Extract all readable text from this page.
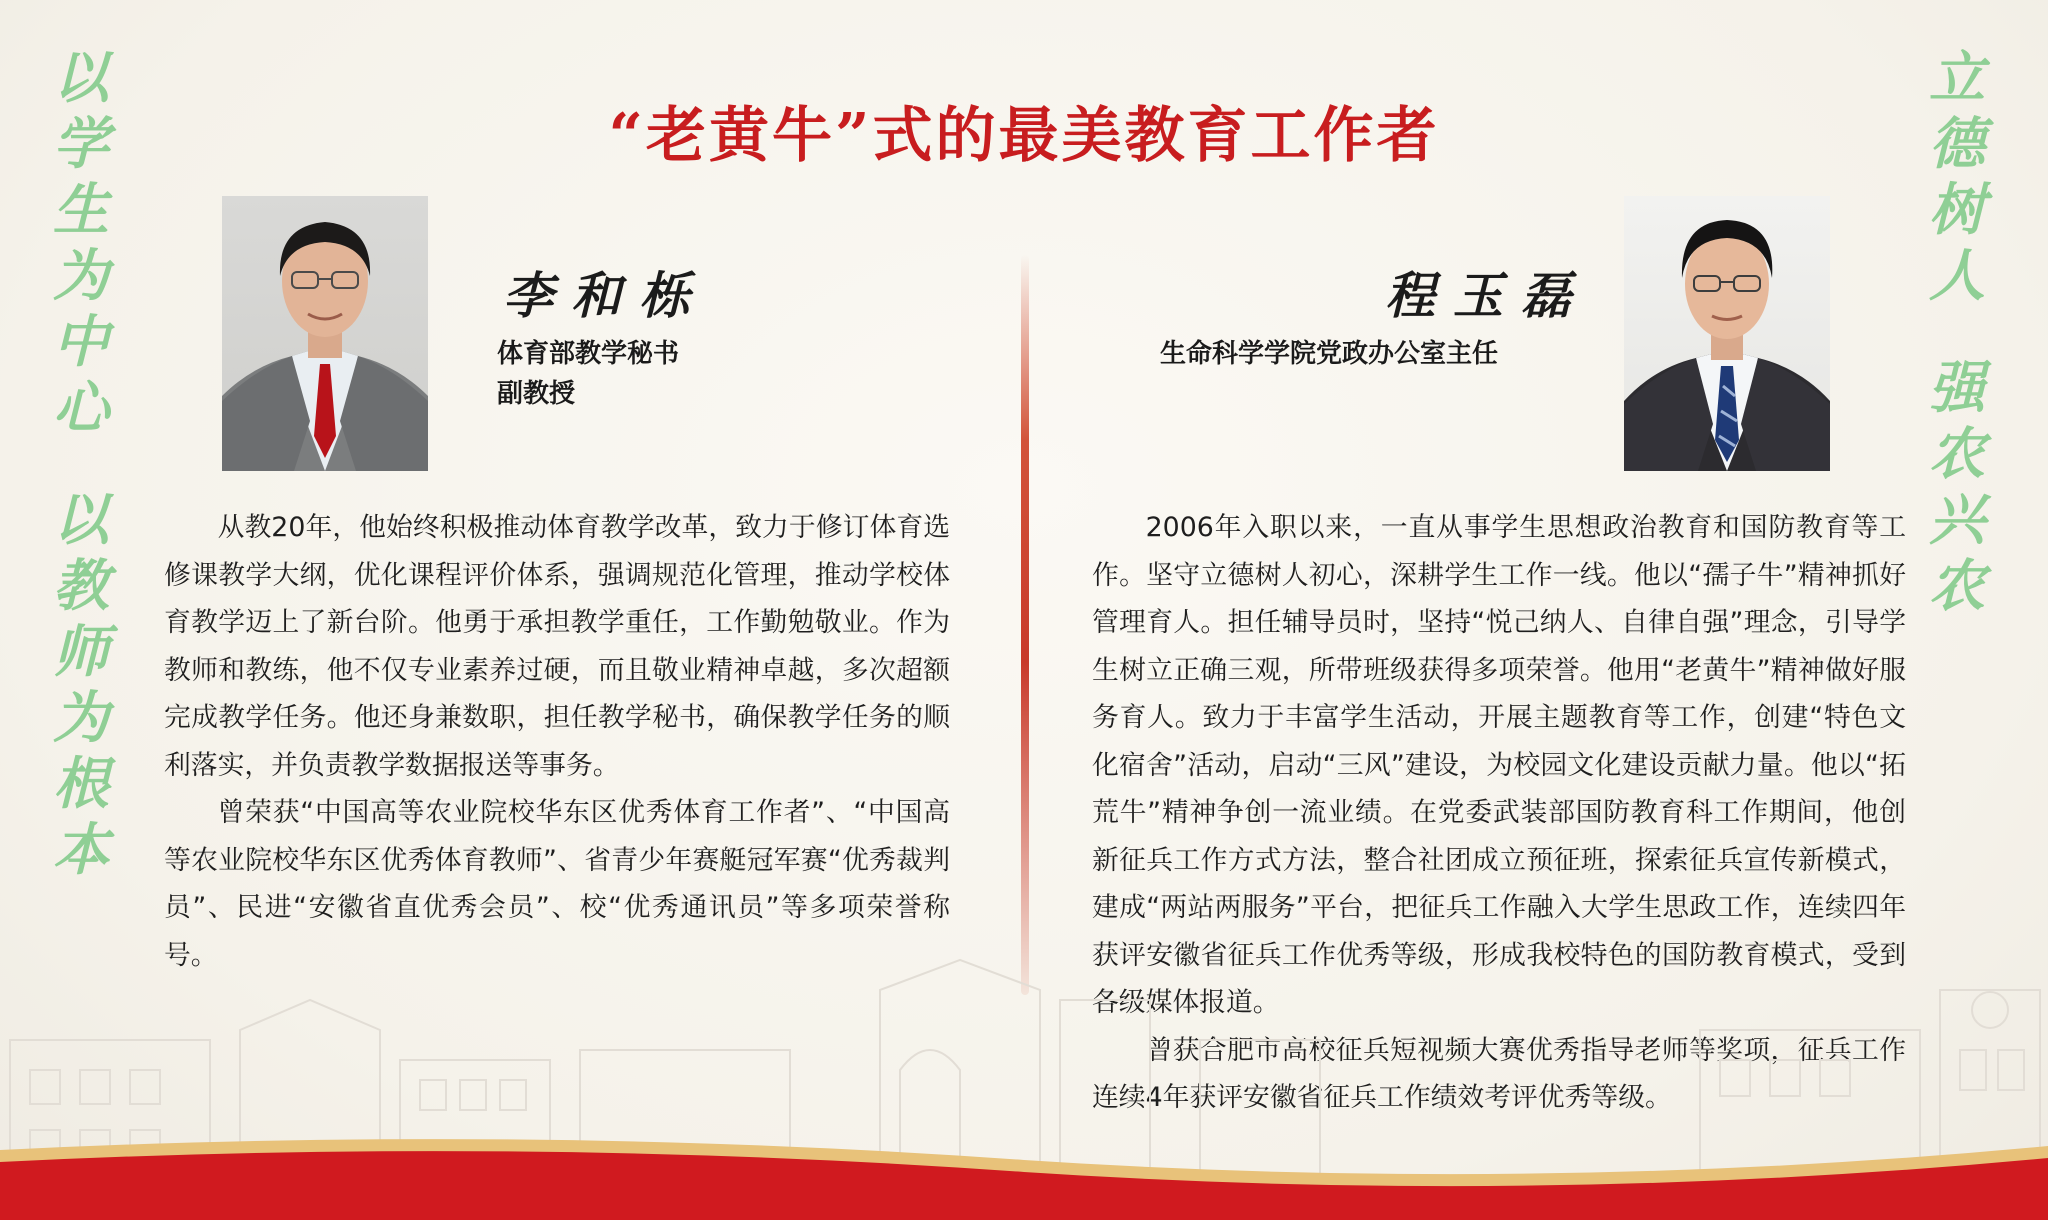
以
学
生
为
中
心
以
教
师
为
根
本
立
德
树
人
强
农
兴
农
“老黄牛”式的最美教育工作者
李和栎
体育部教学秘书
副教授

从教20年，他始终积极推动体育教学改革，致力于修订体育选修课教学大纲，优化课程评价体系，强调规范化管理，推动学校体育教学迈上了新台阶。他勇于承担教学重任，工作勤勉敬业。作为教师和教练，他不仅专业素养过硬，而且敬业精神卓越，多次超额完成教学任务。他还身兼数职，担任教学秘书，确保教学任务的顺利落实，并负责教学数据报送等事务。

曾荣获“中国高等农业院校华东区优秀体育工作者”、“中国高等农业院校华东区优秀体育教师”、省青少年赛艇冠军赛“优秀裁判员”、民进“安徽省直优秀会员”、校“优秀通讯员”等多项荣誉称号。

程玉磊
生命科学学院党政办公室主任

2006年入职以来，一直从事学生思想政治教育和国防教育等工作。坚守立德树人初心，深耕学生工作一线。他以“孺子牛”精神抓好管理育人。担任辅导员时，坚持“悦己纳人、自律自强”理念，引导学生树立正确三观，所带班级获得多项荣誉。他用“老黄牛”精神做好服务育人。致力于丰富学生活动，开展主题教育等工作，创建“特色文化宿舍”活动，启动“三风”建设，为校园文化建设贡献力量。他以“拓荒牛”精神争创一流业绩。在党委武装部国防教育科工作期间，他创新征兵工作方式方法，整合社团成立预征班，探索征兵宣传新模式，建成“两站两服务”平台，把征兵工作融入大学生思政工作，连续四年获评安徽省征兵工作优秀等级，形成我校特色的国防教育模式，受到各级媒体报道。

曾获合肥市高校征兵短视频大赛优秀指导老师等奖项，征兵工作连续4年获评安徽省征兵工作绩效考评优秀等级。
